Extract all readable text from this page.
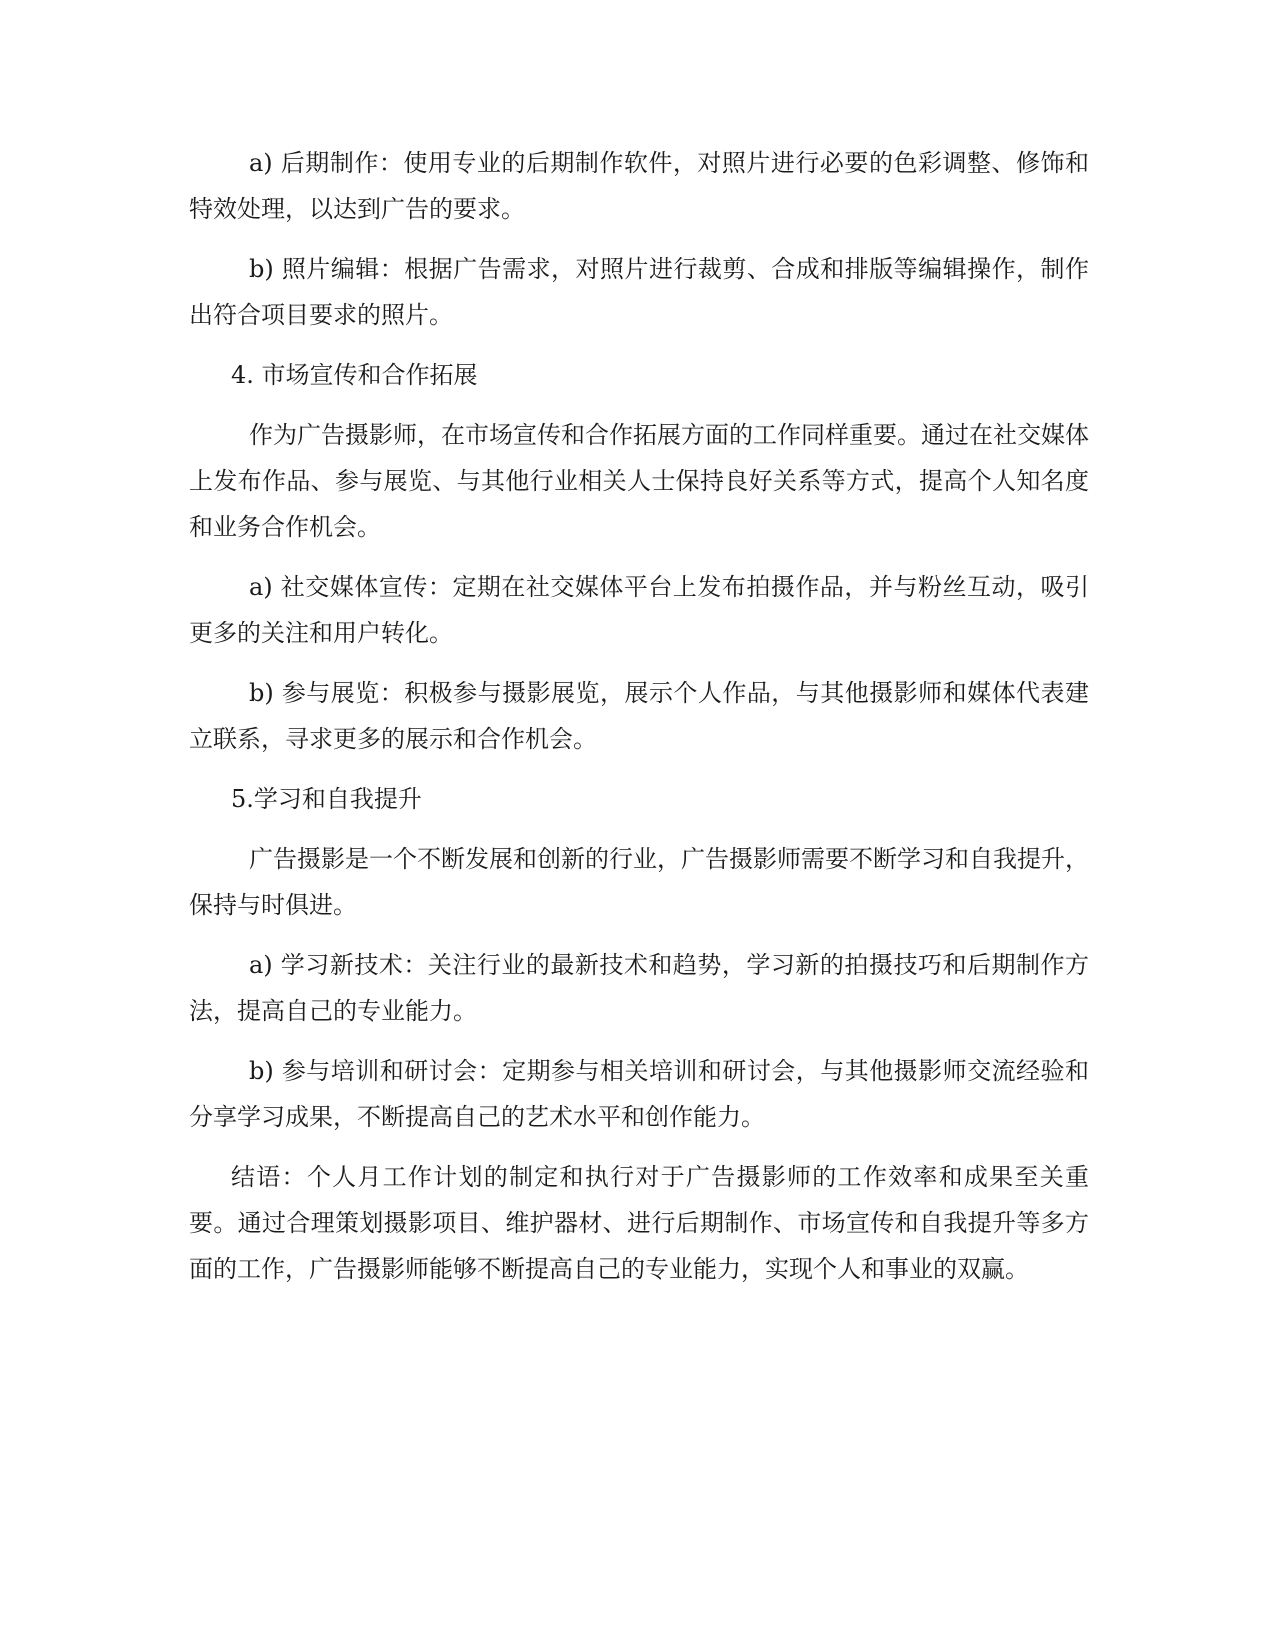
a) 后期制作：使用专业的后期制作软件，对照片进行必要的色彩调整、修饰和特效处理，以达到广告的要求。

b) 照片编辑：根据广告需求，对照片进行裁剪、合成和排版等编辑操作，制作出符合项目要求的照片。

4. 市场宣传和合作拓展

作为广告摄影师，在市场宣传和合作拓展方面的工作同样重要。通过在社交媒体上发布作品、参与展览、与其他行业相关人士保持良好关系等方式，提高个人知名度和业务合作机会。

a) 社交媒体宣传：定期在社交媒体平台上发布拍摄作品，并与粉丝互动，吸引更多的关注和用户转化。

b) 参与展览：积极参与摄影展览，展示个人作品，与其他摄影师和媒体代表建立联系，寻求更多的展示和合作机会。

5.学习和自我提升

广告摄影是一个不断发展和创新的行业，广告摄影师需要不断学习和自我提升，保持与时俱进。

a) 学习新技术：关注行业的最新技术和趋势，学习新的拍摄技巧和后期制作方法，提高自己的专业能力。

b) 参与培训和研讨会：定期参与相关培训和研讨会，与其他摄影师交流经验和分享学习成果，不断提高自己的艺术水平和创作能力。

结语：个人月工作计划的制定和执行对于广告摄影师的工作效率和成果至关重要。通过合理策划摄影项目、维护器材、进行后期制作、市场宣传和自我提升等多方面的工作，广告摄影师能够不断提高自己的专业能力，实现个人和事业的双赢。
